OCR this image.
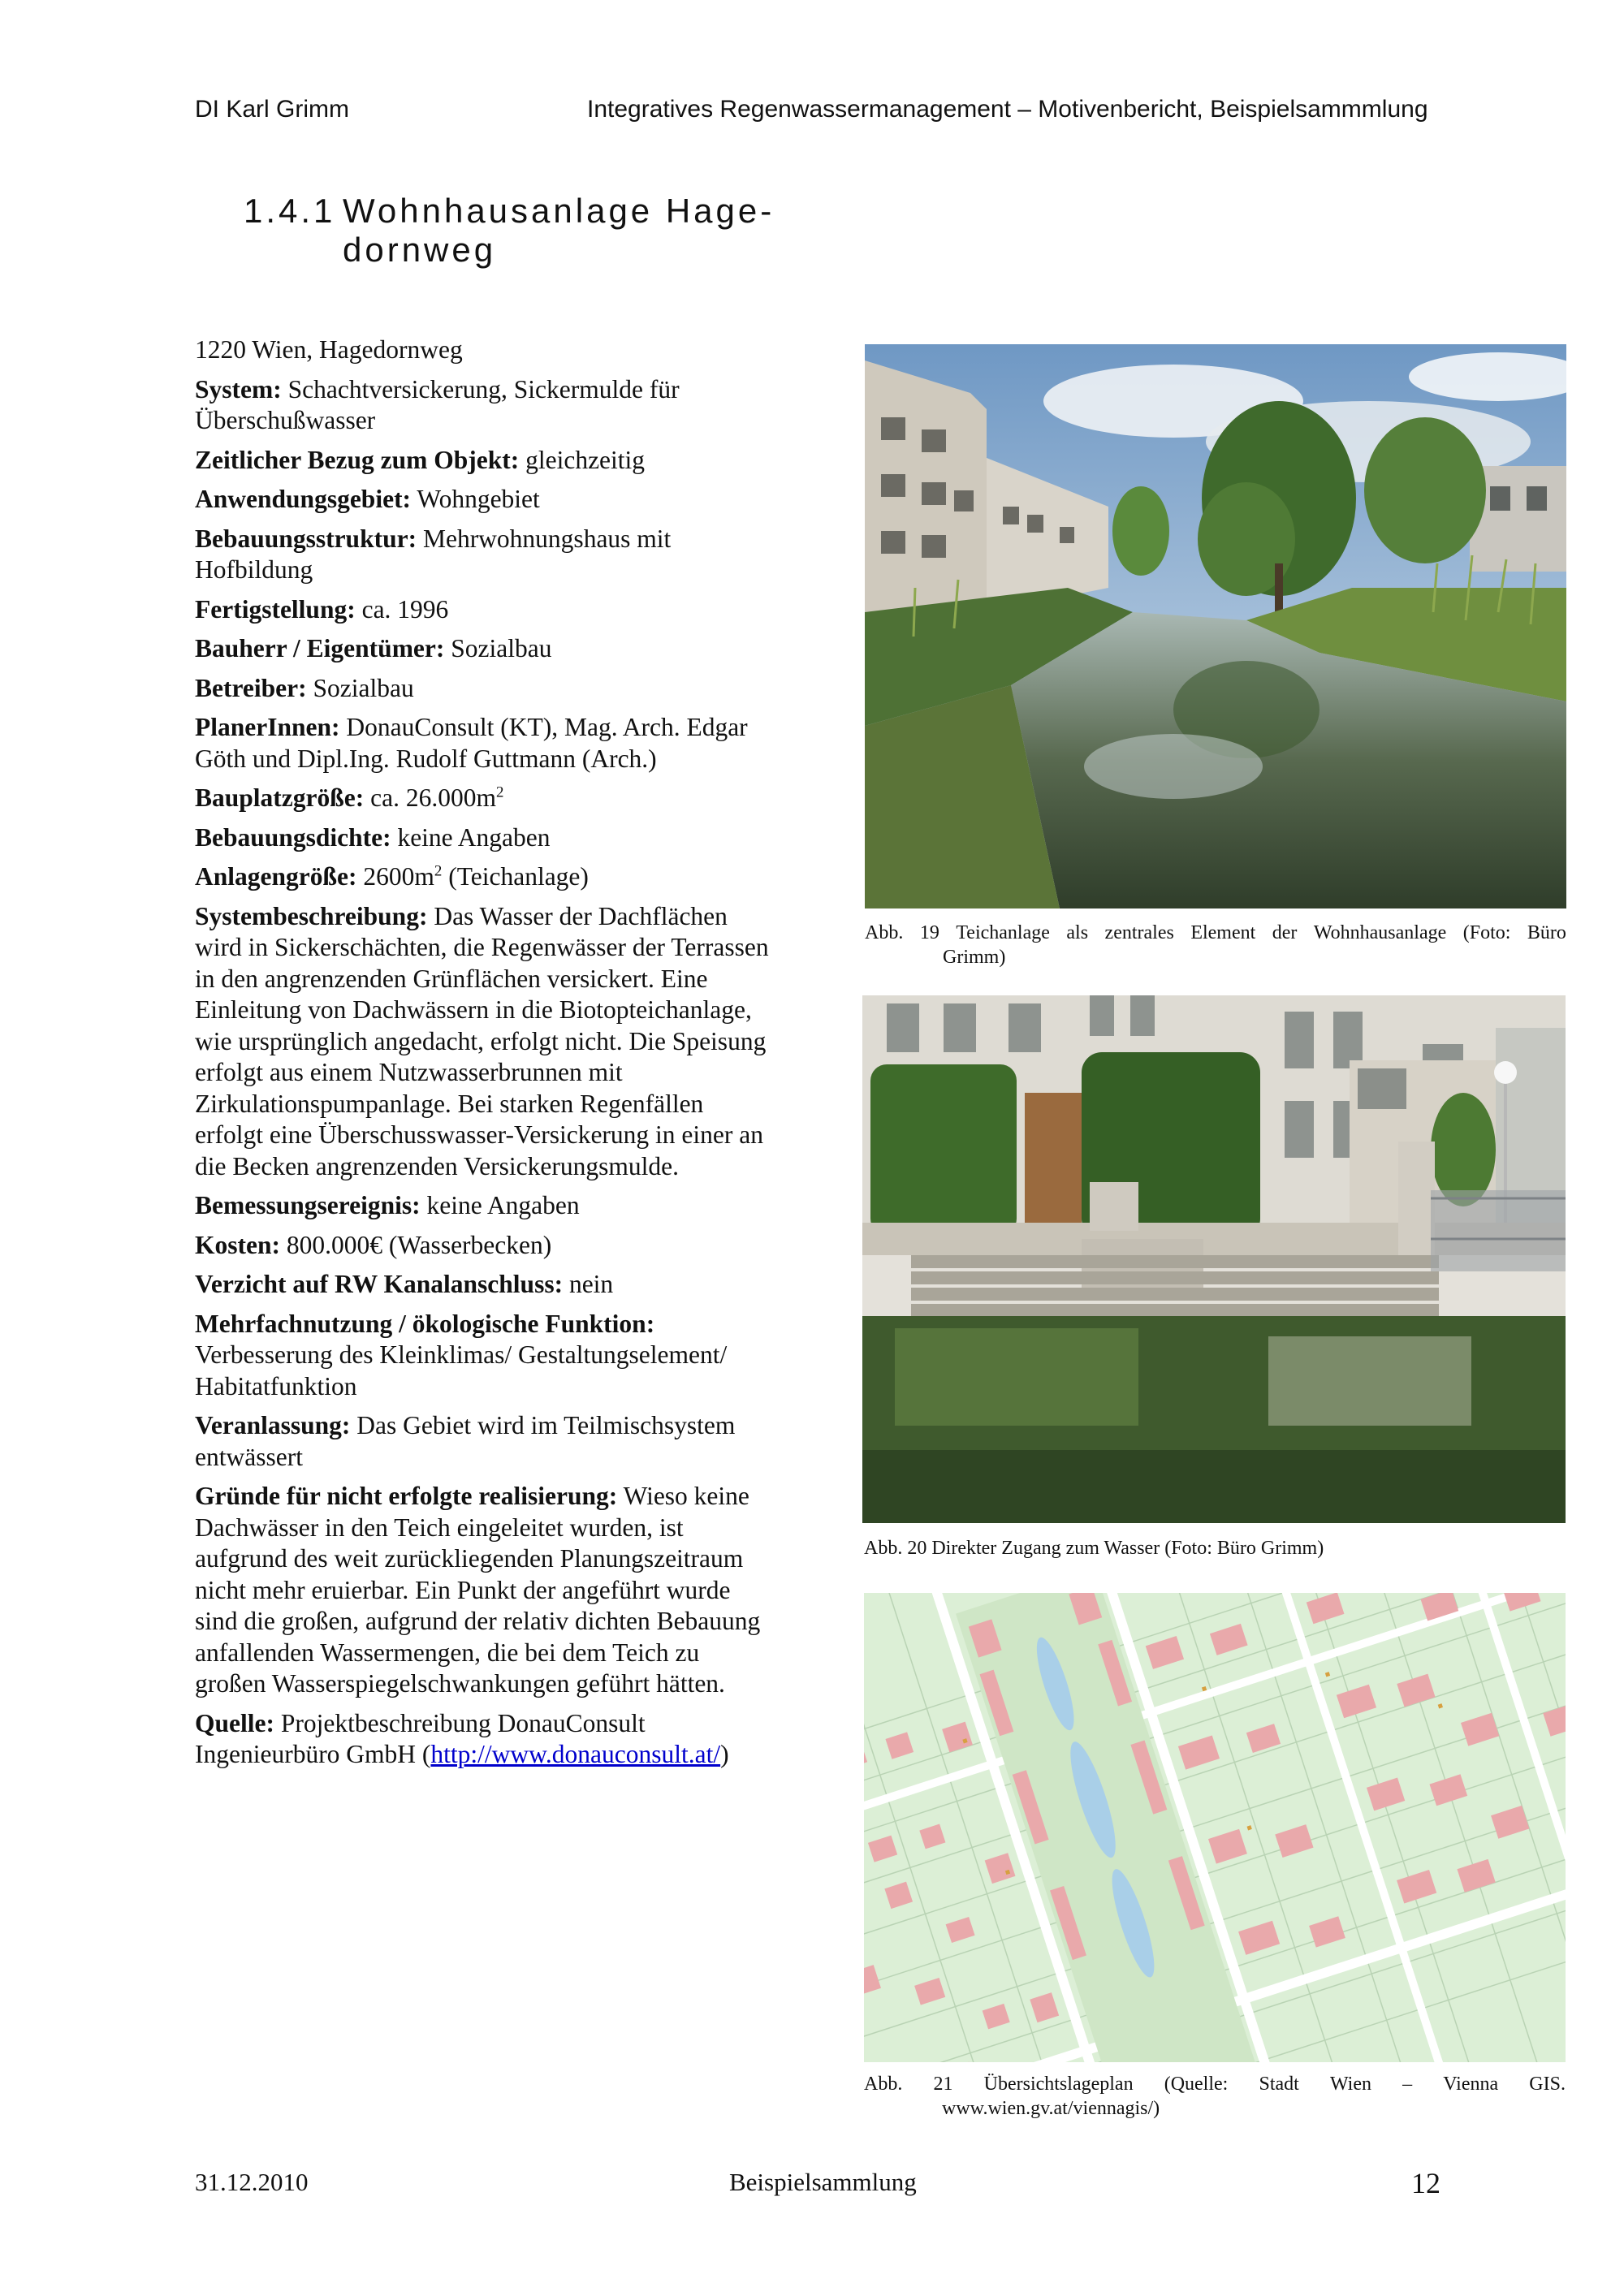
DI Karl Grimm	Integratives Regenwassermanagement – Motivenbericht, Beispielsammmlung
1.4.1 Wohnhausanlage Hage-
dornweg
1220 Wien, Hagedornweg
System: Schachtversickerung, Sickermulde für Überschußwasser
Zeitlicher Bezug zum Objekt: gleichzeitig
Anwendungsgebiet: Wohngebiet
Bebauungsstruktur: Mehrwohnungshaus mit Hofbildung
Fertigstellung: ca. 1996
Bauherr / Eigentümer: Sozialbau
Betreiber: Sozialbau
PlanerInnen: DonauConsult (KT), Mag. Arch. Edgar Göth und Dipl.Ing. Rudolf Guttmann (Arch.)
Bauplatzgröße: ca. $26.000m^2$
Bebauungsdichte: keine Angaben
Anlagengröße: $2600m^2$ (Teichanlage)
Systembeschreibung: Das Wasser der Dachflächen wird in Sickerschächten, die Regenwässer der Terrassen in den angrenzenden Grünflächen versickert. Eine Einleitung von Dachwässern in die Biotopteichanlage, wie ursprünglich angedacht, erfolgt nicht. Die Speisung erfolgt aus einem Nutzwasserbrunnen mit Zirkulationspumpanlage. Bei starken Regenfällen erfolgt eine Überschusswasser-Versickerung in einer an die Becken angrenzenden Versickerungsmulde.
Bemessungsereignis: keine Angaben
Kosten: 800.000€ (Wasserbecken)
Verzicht auf RW Kanalanschluss: nein
Mehrfachnutzung / ökologische Funktion: Verbesserung des Kleinklimas/ Gestaltungselement/ Habitatfunktion
Veranlassung: Das Gebiet wird im Teilmischsystem entwässert
Gründe für nicht erfolgte realisierung: Wieso keine Dachwässer in den Teich eingeleitet wurden, ist aufgrund des weit zurückliegenden Planungszeitraum nicht mehr eruierbar. Ein Punkt der angeführt wurde sind die großen, aufgrund der relativ dichten Bebauung anfallenden Wassermengen, die bei dem Teich zu großen Wasserspiegelschwankungen geführt hätten.
Quelle: Projektbeschreibung DonauConsult Ingenieurbüro GmbH (http://www.donauconsult.at/)
Abb. 19 Teichanlage als zentrales Element der Wohnhausanlage (Foto: Büro
Grimm)
Abb. 20 Direkter Zugang zum Wasser (Foto: Büro Grimm)
Abb. 21 Übersichtslageplan (Quelle: Stadt Wien – Vienna GIS.
www.wien.gv.at/viennagis/)
31.12.2010	Beispielsammlung	12
